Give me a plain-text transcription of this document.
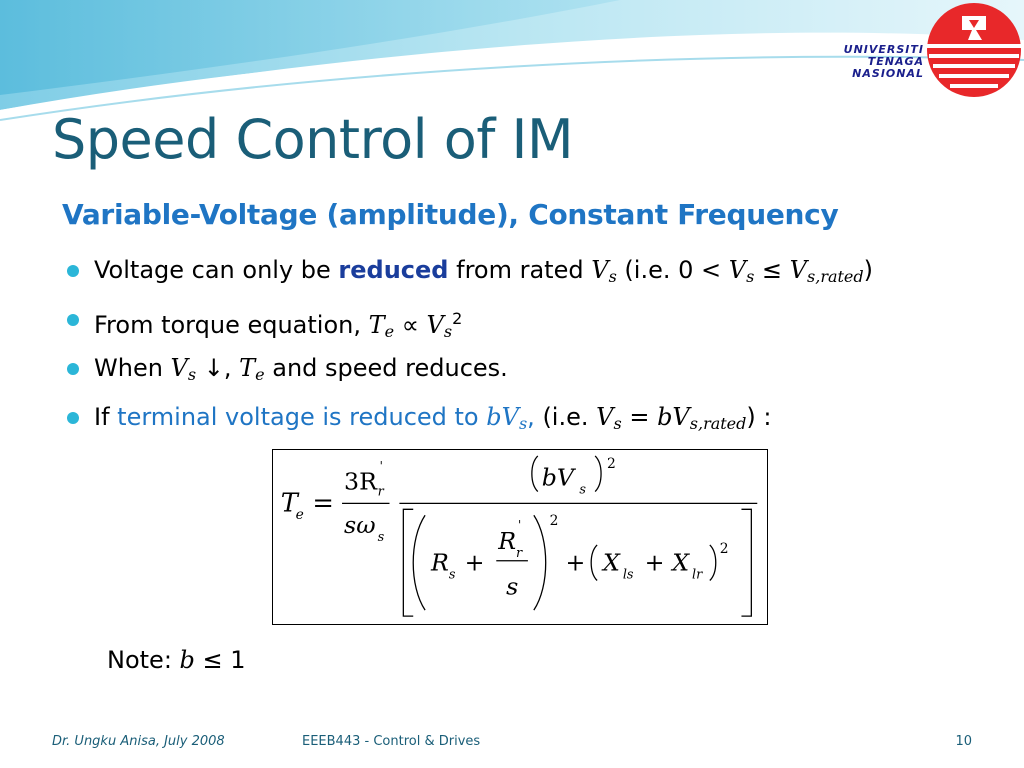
UNIVERSITI
TENAGA
NASIONAL
Speed Control of IM
Variable-Voltage (amplitude), Constant Frequency
Voltage can only be reduced from rated $V_s$ (i.e. $0 < V_s \le V_{s,rated}$)
From torque equation, $T_e \propto V_s^2$
When $V_s$ ↓, $T_e$ and speed reduces.
If terminal voltage is reduced to $bV_s$, (i.e. $V_s = bV_{s,rated}$) :
T
e =
3R r
'
sω s
bV s
2
R s +
R r
'
s
2
+ X ls + X lr
2
Note: b ≤ 1
Dr. Ungku Anisa, July 2008	EEEB443 - Control & Drives	10
